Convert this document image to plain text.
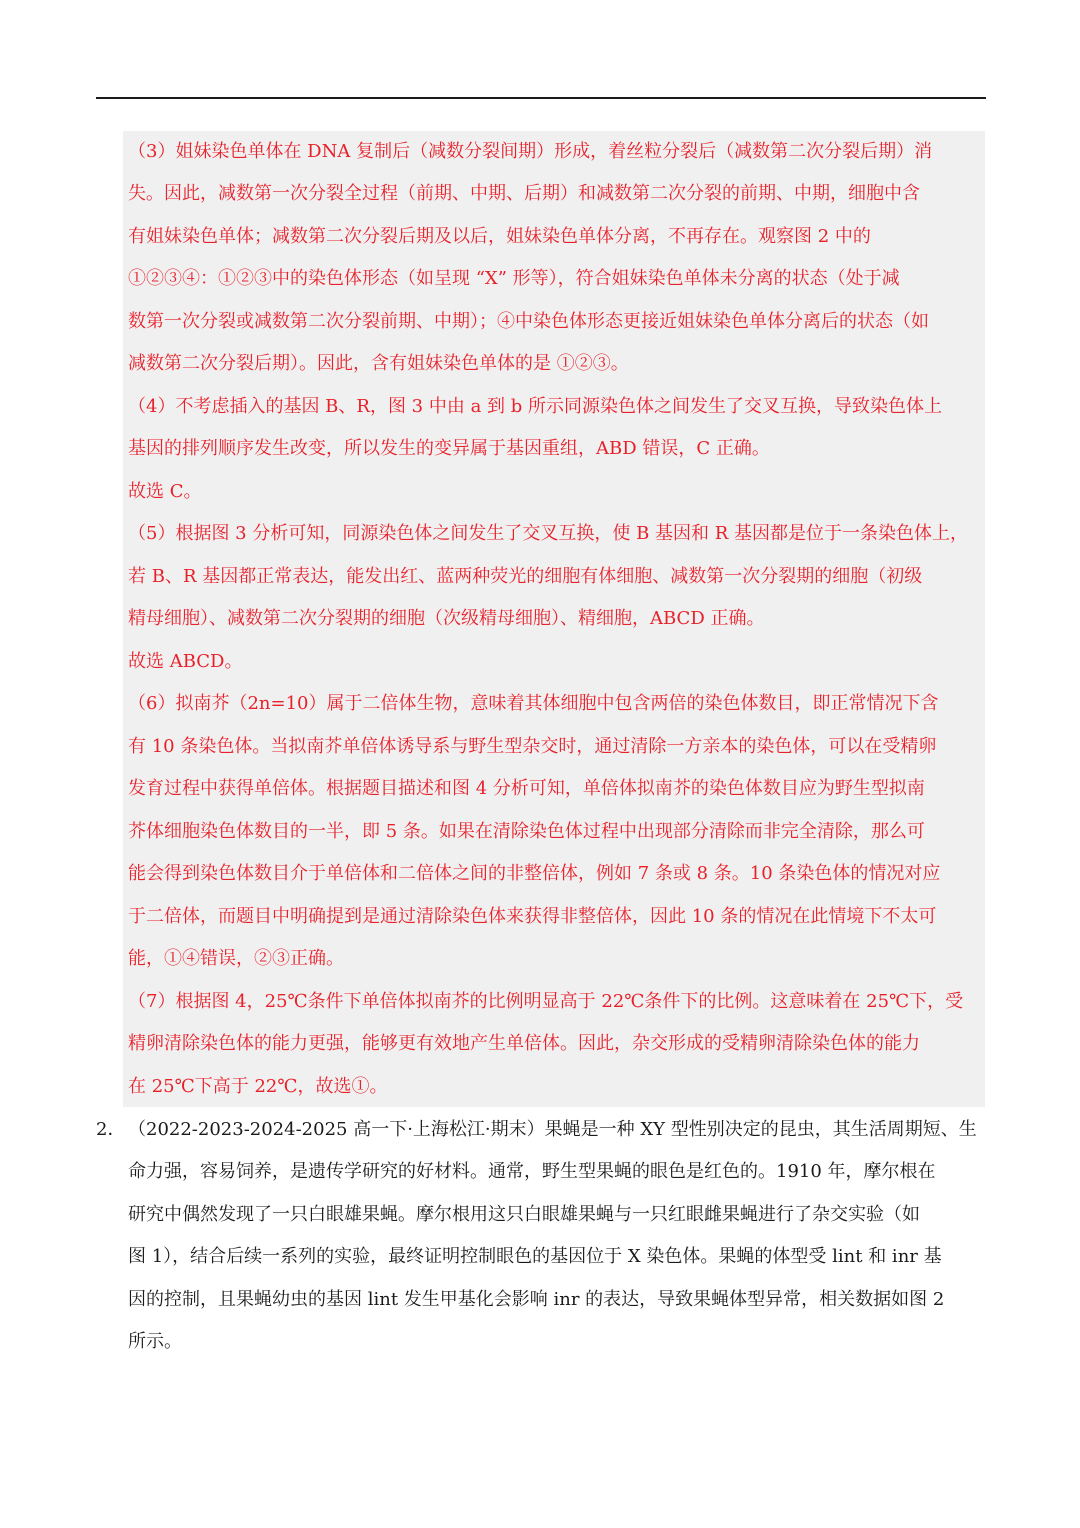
（3）姐妹染色单体在 DNA 复制后（减数分裂间期）形成，着丝粒分裂后（减数第二次分裂后期）消

失。因此，减数第一次分裂全过程（前期、中期、后期）和减数第二次分裂的前期、中期，细胞中含

有姐妹染色单体；减数第二次分裂后期及以后，姐妹染色单体分离，不再存在。观察图 2 中的

①②③④：①②③中的染色体形态（如呈现 “X” 形等），符合姐妹染色单体未分离的状态（处于减

数第一次分裂或减数第二次分裂前期、中期）；④中染色体形态更接近姐妹染色单体分离后的状态（如

减数第二次分裂后期）。因此，含有姐妹染色单体的是 ①②③。

（4）不考虑插入的基因 B、R，图 3 中由 a 到 b 所示同源染色体之间发生了交叉互换，导致染色体上

基因的排列顺序发生改变，所以发生的变异属于基因重组，ABD 错误，C 正确。

故选 C。

（5）根据图 3 分析可知，同源染色体之间发生了交叉互换，使 B 基因和 R 基因都是位于一条染色体上，

若 B、R 基因都正常表达，能发出红、蓝两种荧光的细胞有体细胞、减数第一次分裂期的细胞（初级

精母细胞）、减数第二次分裂期的细胞（次级精母细胞）、精细胞，ABCD 正确。

故选 ABCD。

（6）拟南芥（2n=10）属于二倍体生物，意味着其体细胞中包含两倍的染色体数目，即正常情况下含

有 10 条染色体。当拟南芥单倍体诱导系与野生型杂交时，通过清除一方亲本的染色体，可以在受精卵

发育过程中获得单倍体。根据题目描述和图 4 分析可知，单倍体拟南芥的染色体数目应为野生型拟南

芥体细胞染色体数目的一半，即 5 条。如果在清除染色体过程中出现部分清除而非完全清除，那么可

能会得到染色体数目介于单倍体和二倍体之间的非整倍体，例如 7 条或 8 条。10 条染色体的情况对应

于二倍体，而题目中明确提到是通过清除染色体来获得非整倍体，因此 10 条的情况在此情境下不太可

能，①④错误，②③正确。

（7）根据图 4，25℃条件下单倍体拟南芥的比例明显高于 22℃条件下的比例。这意味着在 25℃下，受

精卵清除染色体的能力更强，能够更有效地产生单倍体。因此，杂交形成的受精卵清除染色体的能力

在 25℃下高于 22℃，故选①。

2． （2022-2023-2024-2025 高一下·上海松江·期末）果蝇是一种 XY 型性别决定的昆虫，其生活周期短、生

命力强，容易饲养，是遗传学研究的好材料。通常，野生型果蝇的眼色是红色的。1910 年，摩尔根在

研究中偶然发现了一只白眼雄果蝇。摩尔根用这只白眼雄果蝇与一只红眼雌果蝇进行了杂交实验（如

图 1），结合后续一系列的实验，最终证明控制眼色的基因位于 X 染色体。果蝇的体型受 lint 和 inr 基

因的控制，且果蝇幼虫的基因 lint 发生甲基化会影响 inr 的表达，导致果蝇体型异常，相关数据如图 2

所示。
